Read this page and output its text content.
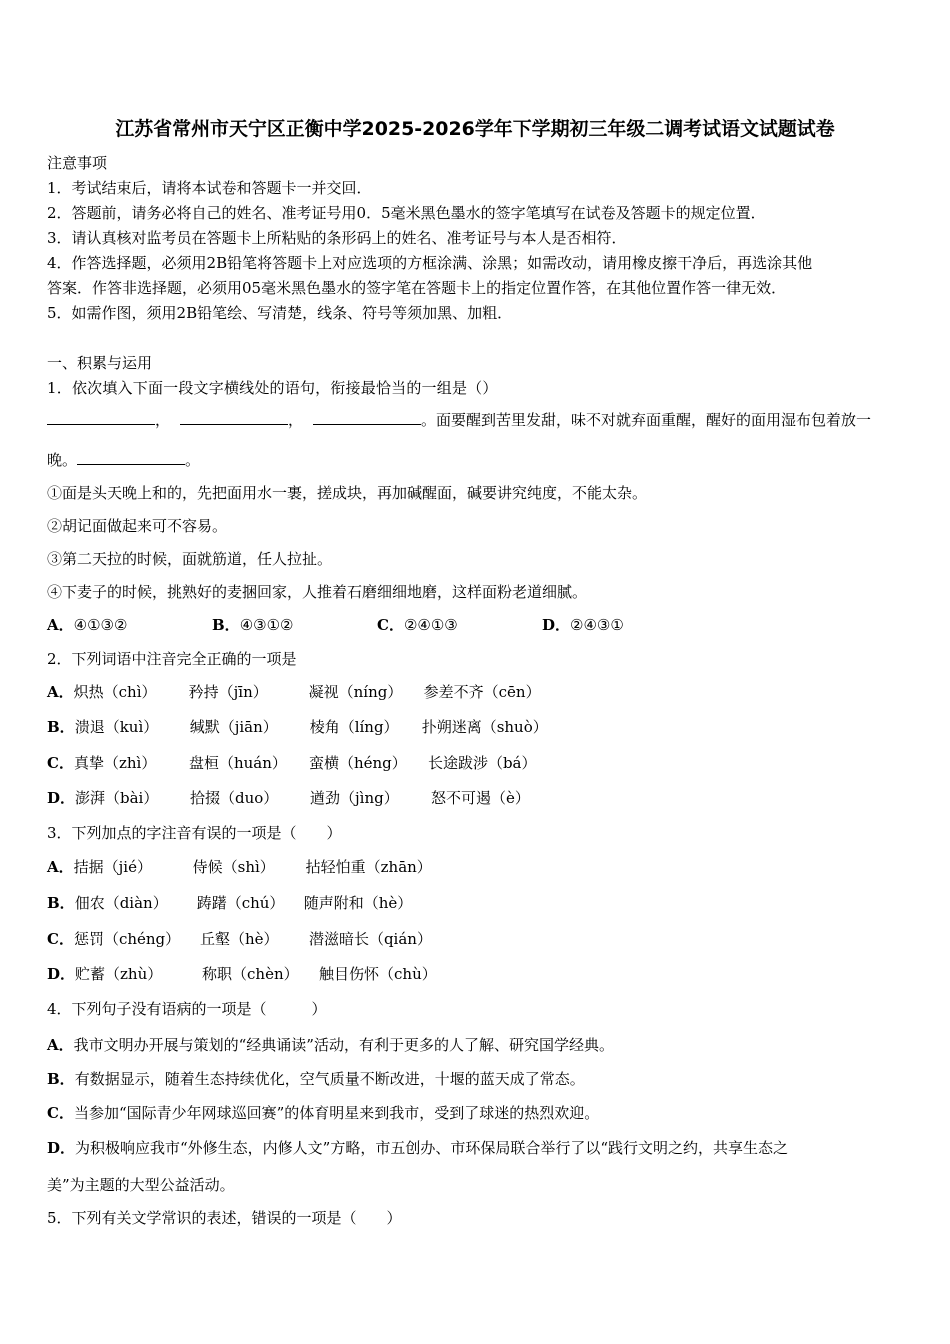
江苏省常州市天宁区正衡中学2025-2026学年下学期初三年级二调考试语文试题试卷
注意事项
1．考试结束后，请将本试卷和答题卡一并交回．
2．答题前，请务必将自己的姓名、准考证号用0．5毫米黑色墨水的签字笔填写在试卷及答题卡的规定位置．
3．请认真核对监考员在答题卡上所粘贴的条形码上的姓名、准考证号与本人是否相符．
4．作答选择题，必须用2B铅笔将答题卡上对应选项的方框涂满、涂黑；如需改动，请用橡皮擦干净后，再选涂其他
答案．作答非选择题，必须用05毫米黑色墨水的签字笔在答题卡上的指定位置作答，在其他位置作答一律无效．
5．如需作图，须用2B铅笔绘、写清楚，线条、符号等须加黑、加粗．
一、积累与运用
1．依次填入下面一段文字横线处的语句，衔接最恰当的一组是（）
，	，	。面要醒到苦里发甜，味不对就弃面重醒，醒好的面用湿布包着放一
晚。	。
①面是头天晚上和的，先把面用水一裹，搓成块，再加碱醒面，碱要讲究纯度，不能太杂。
②胡记面做起来可不容易。
③第二天拉的时候，面就筋道，任人拉扯。
④下麦子的时候，挑熟好的麦捆回家，人推着石磨细细地磨，这样面粉老道细腻。
A．④①③②	B．④③①②	C．②④①③	D．②④③①
2．下列词语中注音完全正确的一项是
A．炽热（chì） 矜持（jīn）	凝视（níng） 参差不齐（cēn）
B．溃退（kuì） 缄默（jiān） 棱角（líng） 扑朔迷离（shuò）
C．真挚（zhì） 盘桓（huán） 蛮横（héng） 长途跋涉（bá）
D．澎湃（bài） 拾掇（duo） 遒劲（jìng） 怒不可遏（è）
3．下列加点的字注音有误的一项是（　　）
A．拮据（jié）	侍候（shì） 拈轻怕重（zhān）
B．佃农（diàn） 踌躇（chú） 随声附和（hè）
C．惩罚（chéng） 丘壑（hè） 潜滋暗长（qián）
D．贮蓄（zhù）	称职（chèn） 触目伤怀（chù）
4．下列句子没有语病的一项是（　　　）
A．我市文明办开展与策划的“经典诵读”活动，有利于更多的人了解、研究国学经典。
B．有数据显示，随着生态持续优化，空气质量不断改进，十堰的蓝天成了常态。
C．当参加“国际青少年网球巡回赛”的体育明星来到我市，受到了球迷的热烈欢迎。
D．为积极响应我市“外修生态，内修人文”方略，市五创办、市环保局联合举行了以“践行文明之约，共享生态之
美”为主题的大型公益活动。
5．下列有关文学常识的表述，错误的一项是（　　）
